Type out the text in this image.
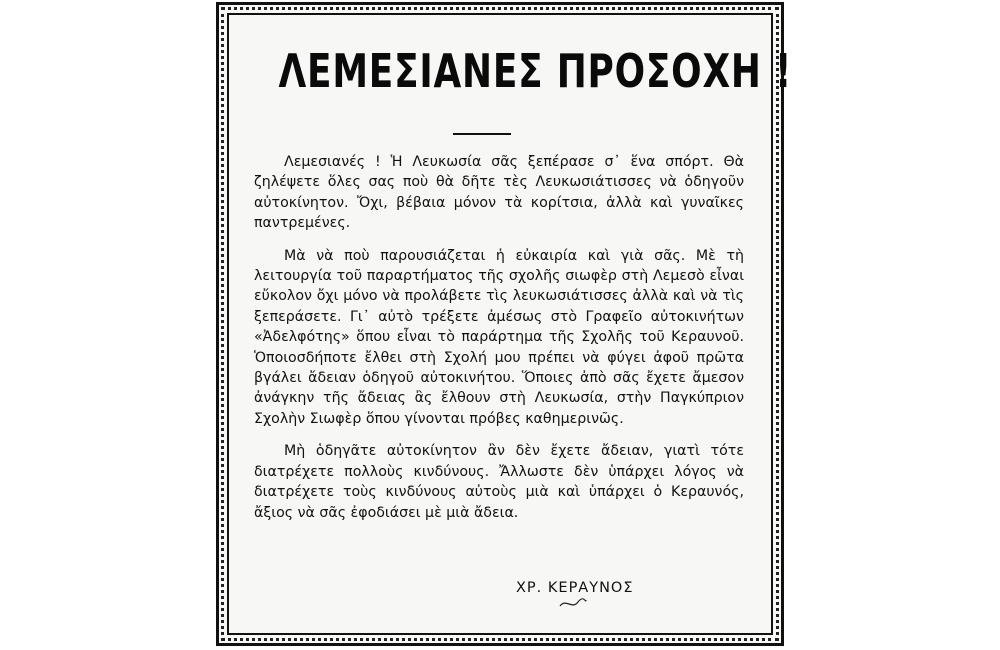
ΛΕΜΕΣΙΑΝΕΣ ΠΡΟΣΟΧΗ !

Λεμεσιανές ! Ἡ Λευκωσία σᾶς ξεπέρασε σ᾿ ἕνα σπόρτ. Θὰ ζηλέψετε ὅλες σας ποὺ θὰ δῆτε τὲς Λευκωσιάτισσες νὰ ὁδηγοῦν αὐτοκίνητον. Ὄχι, βέβαια μόνον τὰ κορίτσια, ἀλλὰ καὶ γυναῖκες παντρεμένες.

Μὰ νὰ ποὺ παρουσιάζεται ἡ εὐκαιρία καὶ γιὰ σᾶς. Μὲ τὴ λειτουργία τοῦ παραρτήματος τῆς σχολῆς σιωφὲρ στὴ Λεμεσὸ εἶναι εὔκολον ὄχι μόνο νὰ προλάβετε τὶς λευκωσιάτισσες ἀλλὰ καὶ νὰ τὶς ξεπεράσετε. Γι᾿ αὐτὸ τρέξετε ἀμέσως στὸ Γραφεῖο αὐτοκινήτων «Ἀδελφότης» ὅπου εἶναι τὸ παράρτημα τῆς Σχολῆς τοῦ Κεραυνοῦ. Ὁποιοσδήποτε ἔλθει στὴ Σχολή μου πρέπει νὰ φύγει ἀφοῦ πρῶτα βγάλει ἄδειαν ὁδηγοῦ αὐτοκινήτου. Ὅποιες ἀπὸ σᾶς ἔχετε ἄμεσον ἀνάγκην τῆς ἄδειας ἂς ἔλθουν στὴ Λευκωσία, στὴν Παγκύπριον Σχολὴν Σιωφὲρ ὅπου γίνονται πρόβες καθημερινῶς.

Μὴ ὁδηγᾶτε αὐτοκίνητον ἂν δὲν ἔχετε ἄδειαν, γιατὶ τότε διατρέχετε πολλοὺς κινδύνους. Ἄλλωστε δὲν ὑπάρχει λόγος νὰ διατρέχετε τοὺς κινδύνους αὐτοὺς μιὰ καὶ ὑπάρχει ὁ Κεραυνός, ἄξιος νὰ σᾶς ἐφοδιάσει μὲ μιὰ ἄδεια.

ΧΡ. ΚΕΡΑΥΝΟΣ
